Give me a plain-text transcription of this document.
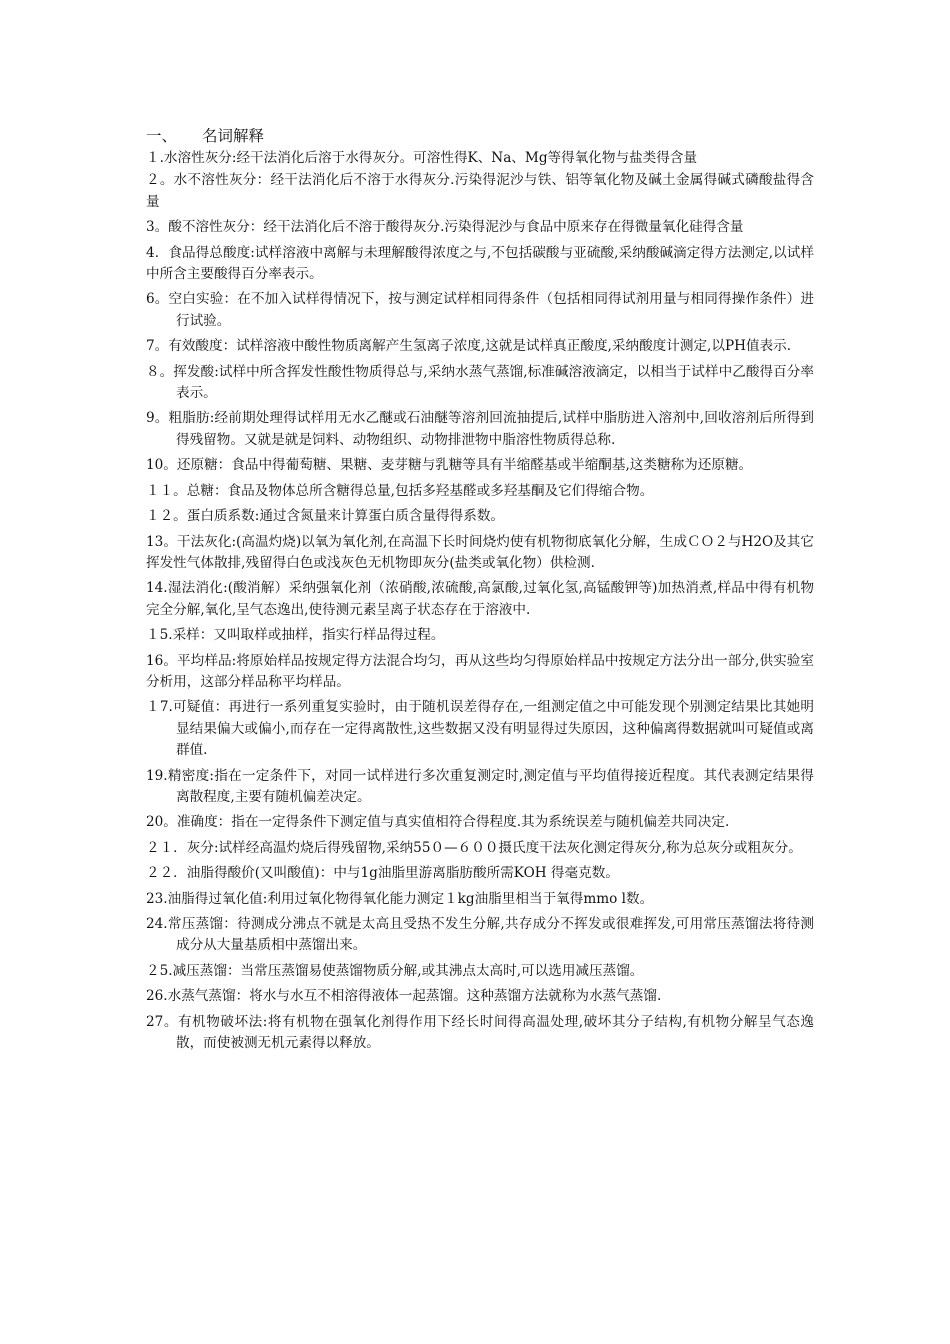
一、 名词解释

１.水溶性灰分:经干法消化后溶于水得灰分。可溶性得K、Na、Mg等得氧化物与盐类得含量

２。水不溶性灰分：经干法消化后不溶于水得灰分.污染得泥沙与铁、铝等氧化物及碱土金属得碱式磷酸盐得含量

3。酸不溶性灰分：经干法消化后不溶于酸得灰分.污染得泥沙与食品中原来存在得微量氧化硅得含量

4．食品得总酸度:试样溶液中离解与未理解酸得浓度之与,不包括碳酸与亚硫酸,采纳酸碱滴定得方法测定,以试样中所含主要酸得百分率表示。

6。空白实验：在不加入试样得情况下，按与测定试样相同得条件（包括相同得试剂用量与相同得操作条件）进行试验。

7。有效酸度：试样溶液中酸性物质离解产生氢离子浓度,这就是试样真正酸度,采纳酸度计测定,以PH值表示.

８。挥发酸:试样中所含挥发性酸性物质得总与,采纳水蒸气蒸馏,标准碱溶液滴定，以相当于试样中乙酸得百分率表示。

9。粗脂肪:经前期处理得试样用无水乙醚或石油醚等溶剂回流抽提后,试样中脂肪进入溶剂中,回收溶剂后所得到得残留物。又就是就是饲料、动物组织、动物排泄物中脂溶性物质得总称.

10。还原糖：食品中得葡萄糖、果糖、麦芽糖与乳糖等具有半缩醛基或半缩酮基,这类糖称为还原糖。

１１。总糖：食品及物体总所含糖得总量,包括多羟基醛或多羟基酮及它们得缩合物。

１２。蛋白质系数:通过含氮量来计算蛋白质含量得得系数。

13。干法灰化:(高温灼烧)以氧为氧化剂,在高温下长时间烧灼使有机物彻底氧化分解，生成ＣＯ２与H2O及其它挥发性气体散排,残留得白色或浅灰色无机物即灰分(盐类或氧化物）供检测.

14.湿法消化:(酸消解）采纳强氧化剂（浓硝酸,浓硫酸,高氯酸,过氧化氢,高锰酸钾等)加热消煮,样品中得有机物完全分解,氧化,呈气态逸出,使待测元素呈离子状态存在于溶液中.

１5.采样：又叫取样或抽样，指实行样品得过程。

16。平均样品:将原始样品按规定得方法混合均匀，再从这些均匀得原始样品中按规定方法分出一部分,供实验室分析用，这部分样品称平均样品。

１7.可疑值：再进行一系列重复实验时，由于随机误差得存在,一组测定值之中可能发现个别测定结果比其她明显结果偏大或偏小,而存在一定得离散性,这些数据又没有明显得过失原因，这种偏离得数据就叫可疑值或离群值.

19.精密度:指在一定条件下，对同一试样进行多次重复测定时,测定值与平均值得接近程度。其代表测定结果得离散程度,主要有随机偏差决定。

20。准确度：指在一定得条件下测定值与真实值相符合得程度.其为系统误差与随机偏差共同决定.

２１．灰分:试样经高温灼烧后得残留物,采纳55０—６００摄氏度干法灰化测定得灰分,称为总灰分或粗灰分。

２２．油脂得酸价(又叫酸值)：中与1g油脂里游离脂肪酸所需KOH 得毫克数。

23.油脂得过氧化值:利用过氧化物得氧化能力测定１kg油脂里相当于氧得mmo l数。

24.常压蒸馏：待测成分沸点不就是太高且受热不发生分解,共存成分不挥发或很难挥发,可用常压蒸馏法将待测成分从大量基质相中蒸馏出来。

２5.减压蒸馏：当常压蒸馏易使蒸馏物质分解,或其沸点太高时,可以选用减压蒸馏。

26.水蒸气蒸馏：将水与水互不相溶得液体一起蒸馏。这种蒸馏方法就称为水蒸气蒸馏.

27。有机物破坏法:将有机物在强氧化剂得作用下经长时间得高温处理,破坏其分子结构,有机物分解呈气态逸散，而使被测无机元素得以释放。
